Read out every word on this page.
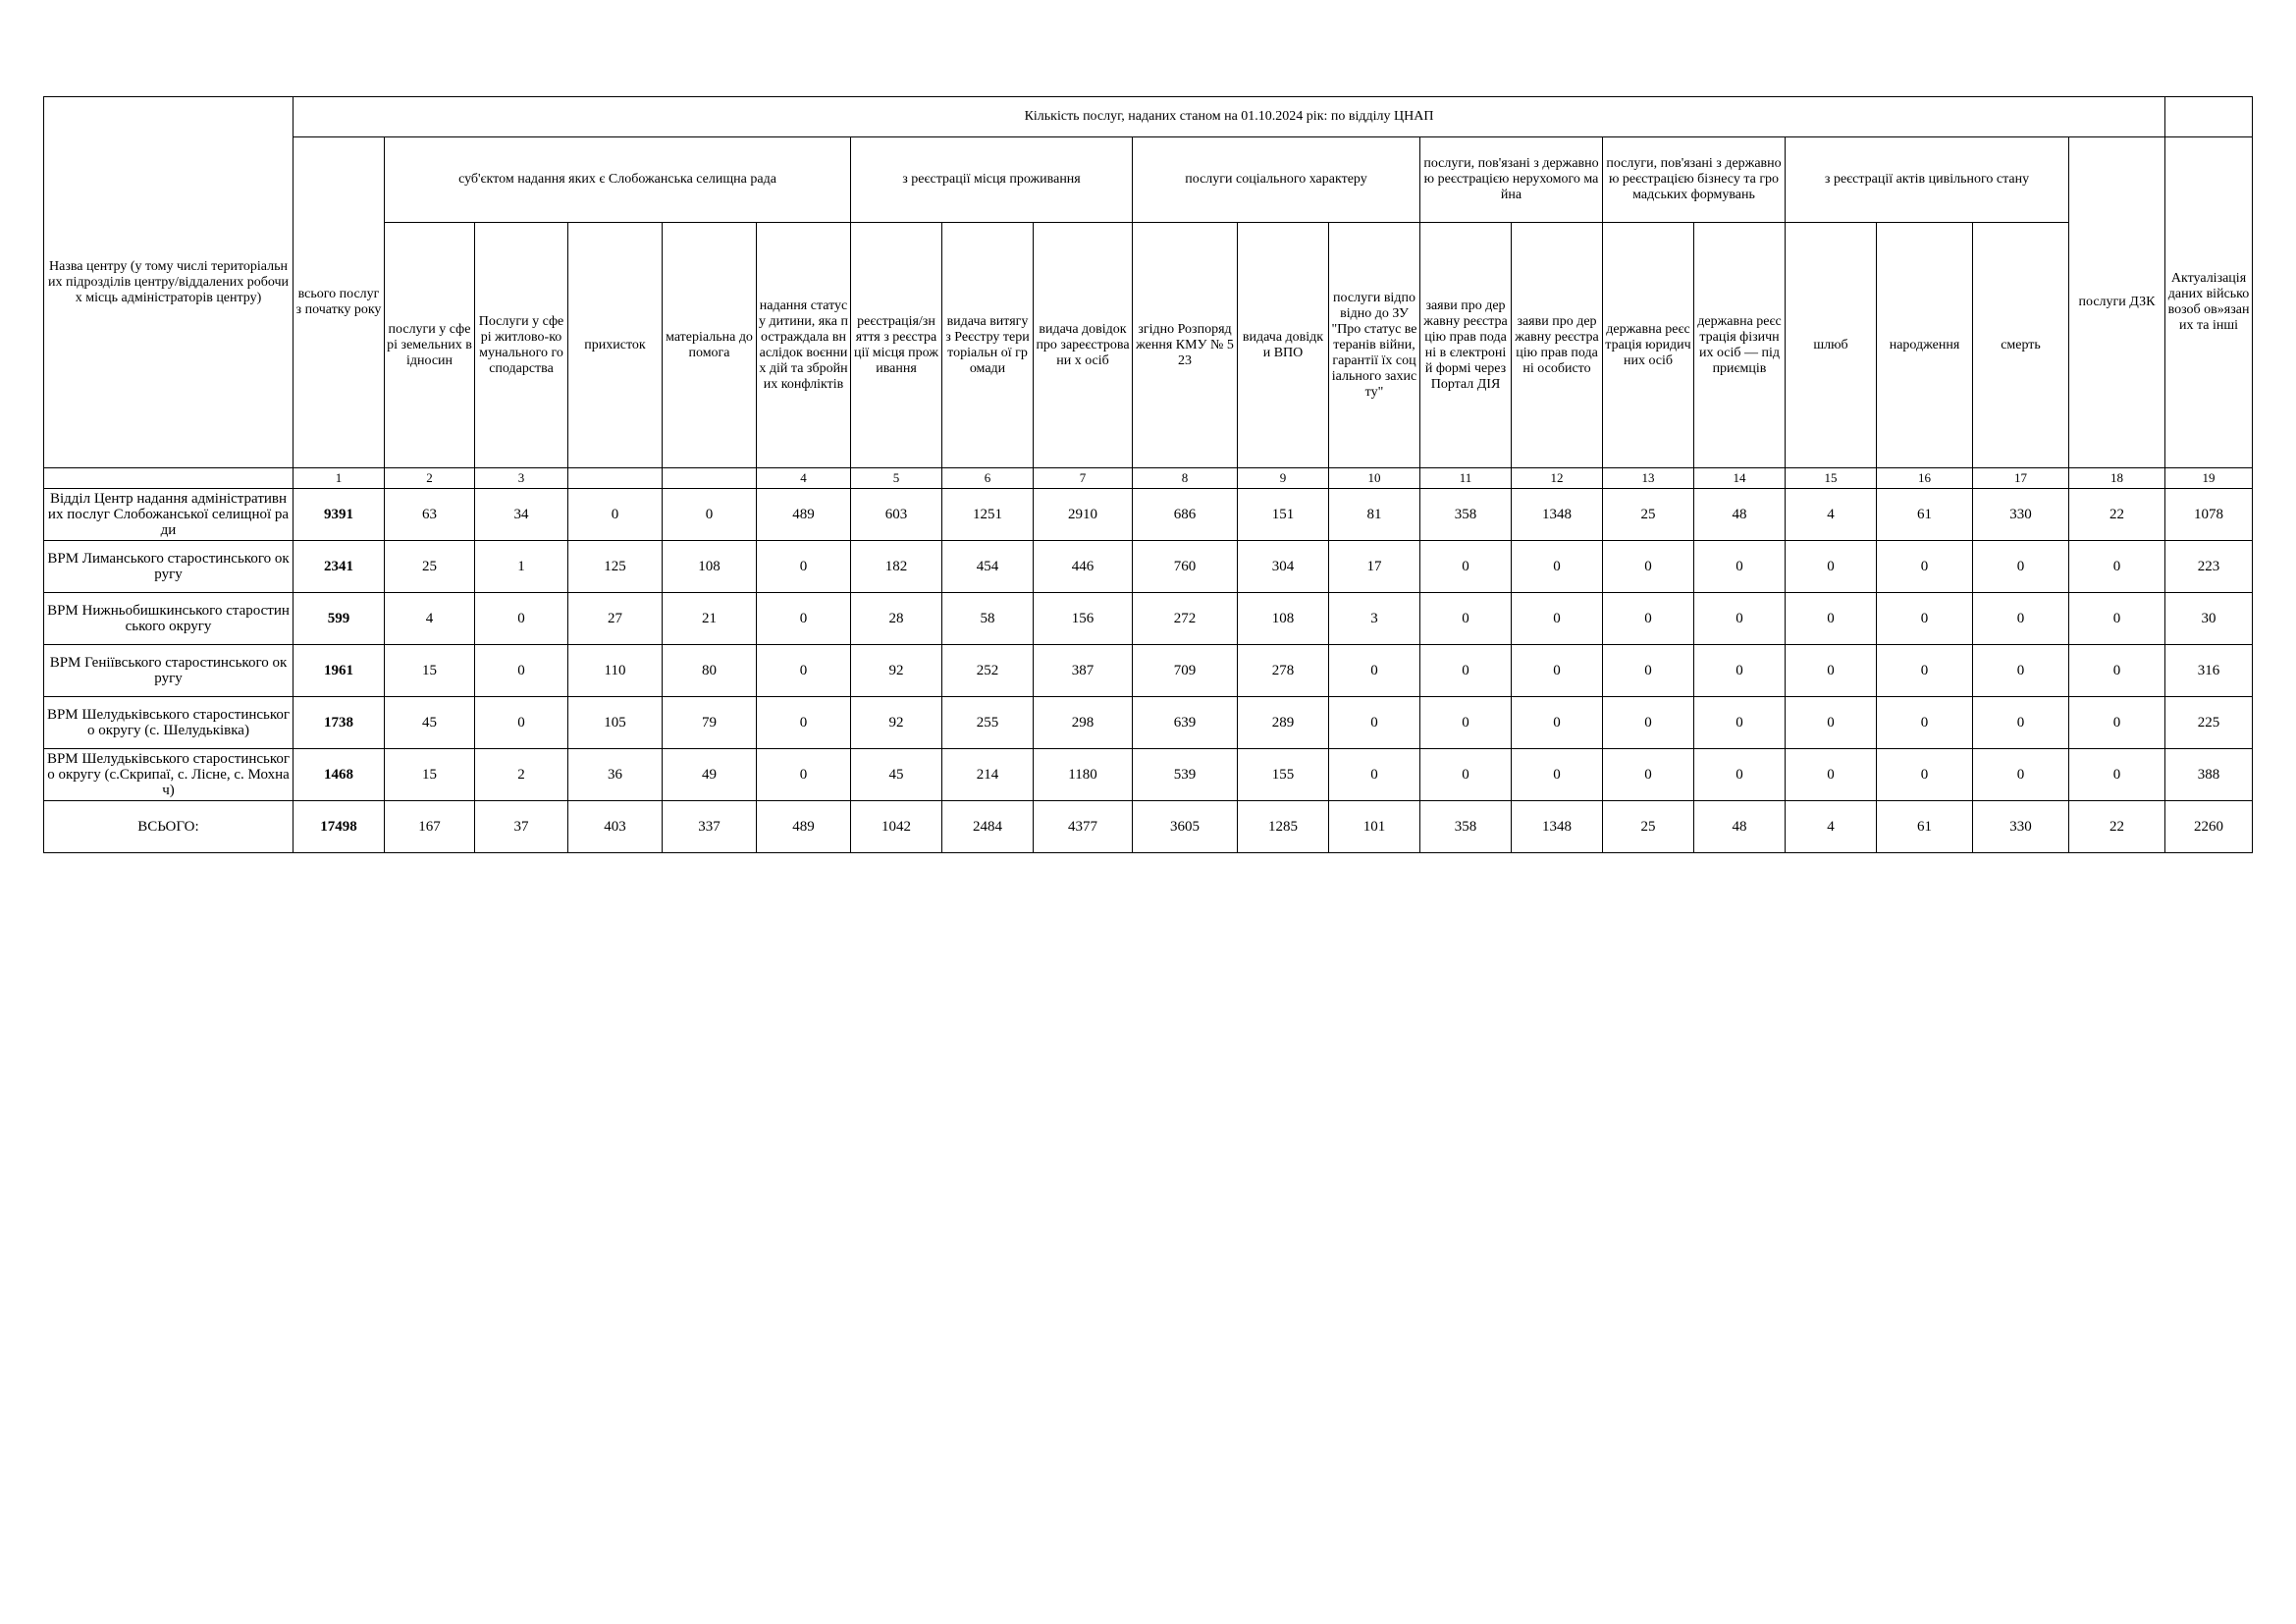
Назва центру (у тому числі територіальних підрозділів центру/віддалених робочих місць адміністраторів центру)	Кількість послуг, наданих станом на 01.10.2024 рік: по відділу ЦНАП																				
	всього послуг з початку року	суб'єктом надання яких є Слобожанська селищна рада					з реєстрації місця проживання			послуги соціального характеру			послуги, пов'язані з державною реєстрацією нерухомого майна		послуги, пов'язані з державною реєстрацією бізнесу та громадських формувань		з реєстрації актів цивільного стану			послуги ДЗК	Актуалізація даних військовозоб ов»язаних та інші
		послуги у сфері земельних відносин	Послуги у сфері житлово-комунального господарства	прихисток	матеріальна допомога	надання статусу дитини, яка постраждала внаслідок воєнних дій та збройних конфліктів	реєстрація/зн яття з реєстрації місця проживання	видача витягу з Реєстру територіальн ої громади	видача довідок про зареєстровани х осіб	згідно Розпорядження КМУ № 523	видача довідки ВПО	послуги відповідно до ЗУ "Про статус ветеранів війни, гарантії їх соціального захисту"	заяви про державну реєстрацію прав подані в єлектроній формі через Портал ДІЯ	заяви про державну реєстрацію прав подані особисто	державна реєстрація юридичних осіб	державна реєстрація фізичних осіб — підприємців	шлюб	народження	смерть		
	1	2	3			4	5	6	7	8	9	10	11	12	13	14	15	16	17	18	19
Відділ Центр надання адміністративних послуг Слобожанської селищної ради	9391	63	34	0	0	489	603	1251	2910	686	151	81	358	1348	25	48	4	61	330	22	1078
ВРМ Лиманського старостинського округу	2341	25	1	125	108	0	182	454	446	760	304	17	0	0	0	0	0	0	0	0	223
ВРМ Нижньобишкинського старостинського округу	599	4	0	27	21	0	28	58	156	272	108	3	0	0	0	0	0	0	0	0	30
ВРМ Геніївського старостинського округу	1961	15	0	110	80	0	92	252	387	709	278	0	0	0	0	0	0	0	0	0	316
ВРМ Шелудьківського старостинського округу (с. Шелудьківка)	1738	45	0	105	79	0	92	255	298	639	289	0	0	0	0	0	0	0	0	0	225
ВРМ Шелудьківського старостинського округу (с.Скрипаї, с. Лісне, с. Мохнач)	1468	15	2	36	49	0	45	214	1180	539	155	0	0	0	0	0	0	0	0	0	388
ВСЬОГО:	17498	167	37	403	337	489	1042	2484	4377	3605	1285	101	358	1348	25	48	4	61	330	22	2260
